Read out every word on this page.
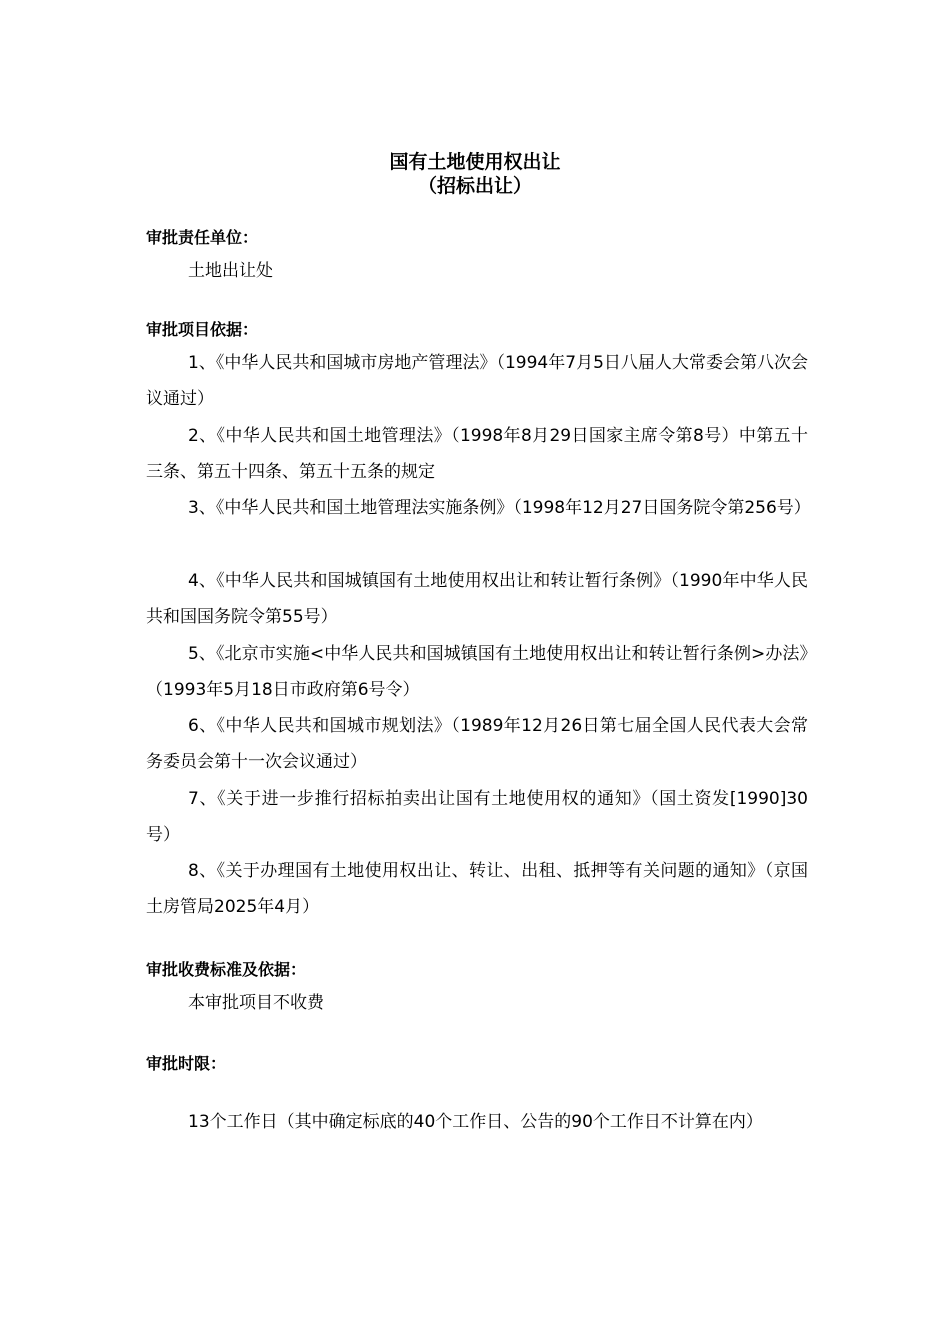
国有土地使用权出让
（招标出让）
审批责任单位：
土地出让处
审批项目依据：
1、《中华人民共和国城市房地产管理法》（1994年7月5日八届人大常委会第八次会议通过）
2、《中华人民共和国土地管理法》（1998年8月29日国家主席令第8号）中第五十三条、第五十四条、第五十五条的规定
3、《中华人民共和国土地管理法实施条例》（1998年12月27日国务院令第256号）
4、《中华人民共和国城镇国有土地使用权出让和转让暂行条例》（1990年中华人民共和国国务院令第55号）
5、《北京市实施<中华人民共和国城镇国有土地使用权出让和转让暂行条例>办法》（1993年5月18日市政府第6号令）
6、《中华人民共和国城市规划法》（1989年12月26日第七届全国人民代表大会常务委员会第十一次会议通过）
7、《关于进一步推行招标拍卖出让国有土地使用权的通知》（国土资发[1990]30号）
8、《关于办理国有土地使用权出让、转让、出租、抵押等有关问题的通知》（京国土房管局2025年4月）
审批收费标准及依据：
本审批项目不收费
审批时限：
13个工作日（其中确定标底的40个工作日、公告的90个工作日不计算在内）
